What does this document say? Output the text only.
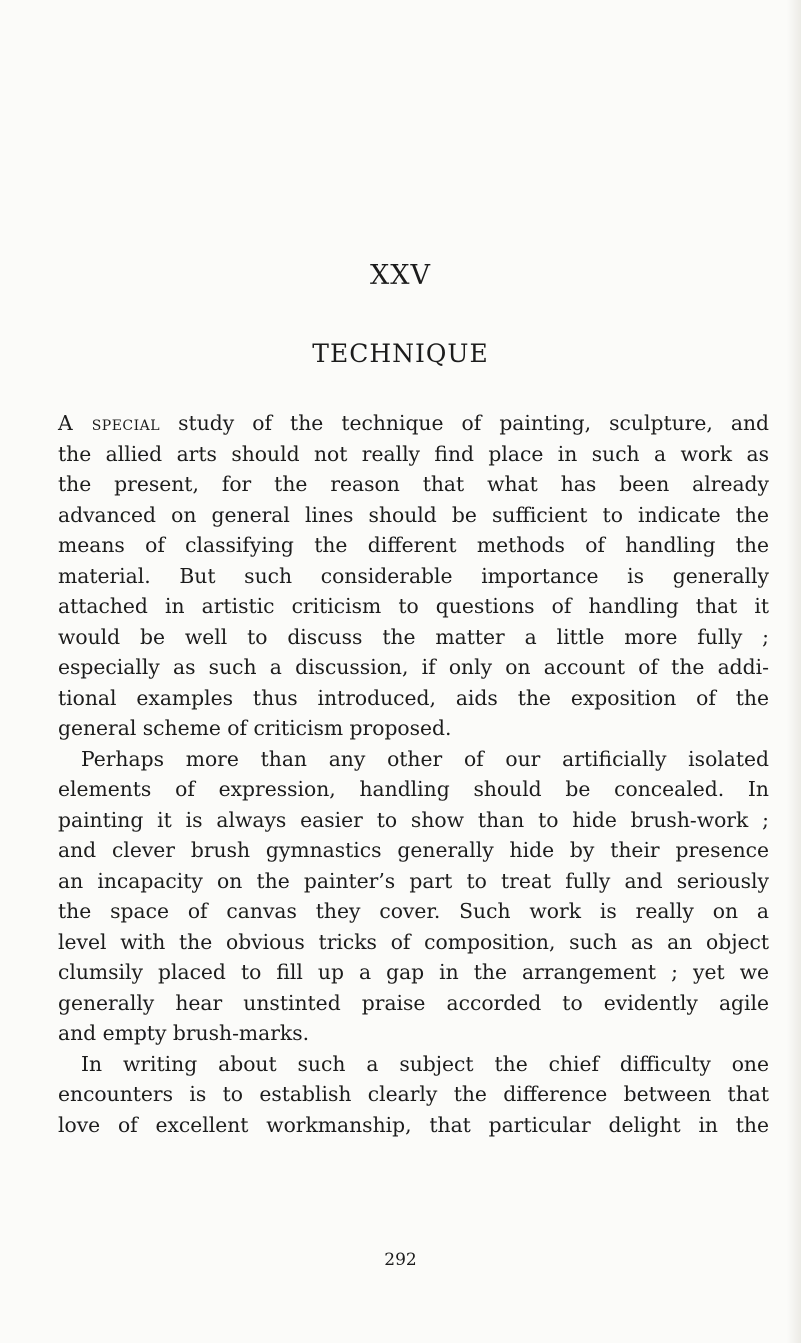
XXV
TECHNIQUE
A special study of the technique of painting, sculpture, and
the allied arts should not really find place in such a work as
the present, for the reason that what has been already
advanced on general lines should be sufficient to indicate the
means of classifying the different methods of handling the
material. But such considerable importance is generally
attached in artistic criticism to questions of handling that it
would be well to discuss the matter a little more fully ;
especially as such a discussion, if only on account of the addi-
tional examples thus introduced, aids the exposition of the
general scheme of criticism proposed.
Perhaps more than any other of our artificially isolated
elements of expression, handling should be concealed. In
painting it is always easier to show than to hide brush-work ;
and clever brush gymnastics generally hide by their presence
an incapacity on the painter’s part to treat fully and seriously
the space of canvas they cover. Such work is really on a
level with the obvious tricks of composition, such as an object
clumsily placed to fill up a gap in the arrangement ; yet we
generally hear unstinted praise accorded to evidently agile
and empty brush-marks.
In writing about such a subject the chief difficulty one
encounters is to establish clearly the difference between that
love of excellent workmanship, that particular delight in the
292
